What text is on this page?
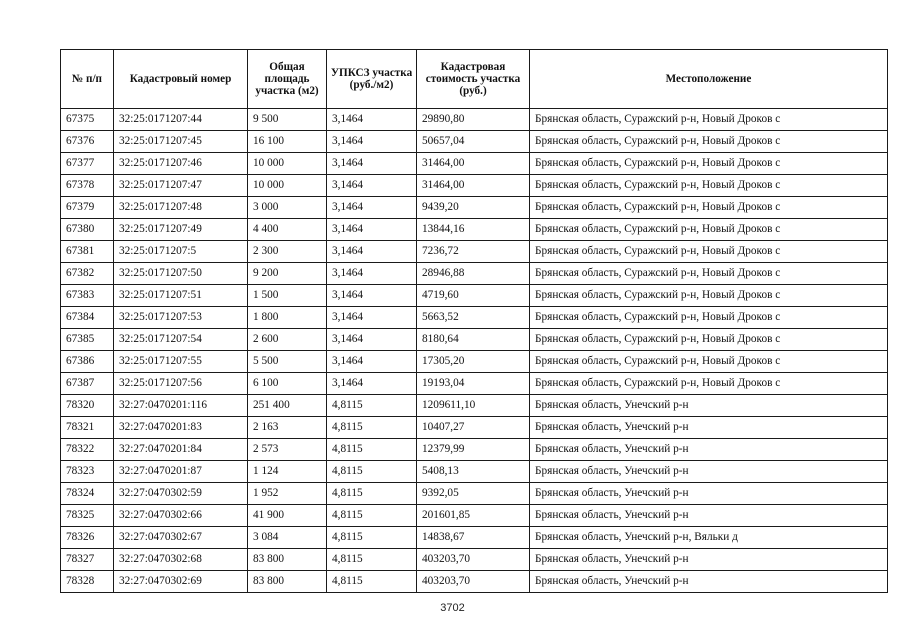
№ п/п	Кадастровый номер	Общая площадь участка (м2)	УПКСЗ участка (руб./м2)	Кадастровая стоимость участка (руб.)	Местоположение
67375	32:25:0171207:44	9 500	3,1464	29890,80	Брянская область, Суражский р-н, Новый Дроков с
67376	32:25:0171207:45	16 100	3,1464	50657,04	Брянская область, Суражский р-н, Новый Дроков с
67377	32:25:0171207:46	10 000	3,1464	31464,00	Брянская область, Суражский р-н, Новый Дроков с
67378	32:25:0171207:47	10 000	3,1464	31464,00	Брянская область, Суражский р-н, Новый Дроков с
67379	32:25:0171207:48	3 000	3,1464	9439,20	Брянская область, Суражский р-н, Новый Дроков с
67380	32:25:0171207:49	4 400	3,1464	13844,16	Брянская область, Суражский р-н, Новый Дроков с
67381	32:25:0171207:5	2 300	3,1464	7236,72	Брянская область, Суражский р-н, Новый Дроков с
67382	32:25:0171207:50	9 200	3,1464	28946,88	Брянская область, Суражский р-н, Новый Дроков с
67383	32:25:0171207:51	1 500	3,1464	4719,60	Брянская область, Суражский р-н, Новый Дроков с
67384	32:25:0171207:53	1 800	3,1464	5663,52	Брянская область, Суражский р-н, Новый Дроков с
67385	32:25:0171207:54	2 600	3,1464	8180,64	Брянская область, Суражский р-н, Новый Дроков с
67386	32:25:0171207:55	5 500	3,1464	17305,20	Брянская область, Суражский р-н, Новый Дроков с
67387	32:25:0171207:56	6 100	3,1464	19193,04	Брянская область, Суражский р-н, Новый Дроков с
78320	32:27:0470201:116	251 400	4,8115	1209611,10	Брянская область, Унечский р-н
78321	32:27:0470201:83	2 163	4,8115	10407,27	Брянская область, Унечский р-н
78322	32:27:0470201:84	2 573	4,8115	12379,99	Брянская область, Унечский р-н
78323	32:27:0470201:87	1 124	4,8115	5408,13	Брянская область, Унечский р-н
78324	32:27:0470302:59	1 952	4,8115	9392,05	Брянская область, Унечский р-н
78325	32:27:0470302:66	41 900	4,8115	201601,85	Брянская область, Унечский р-н
78326	32:27:0470302:67	3 084	4,8115	14838,67	Брянская область, Унечский р-н, Вяльки д
78327	32:27:0470302:68	83 800	4,8115	403203,70	Брянская область, Унечский р-н
78328	32:27:0470302:69	83 800	4,8115	403203,70	Брянская область, Унечский р-н
3702
